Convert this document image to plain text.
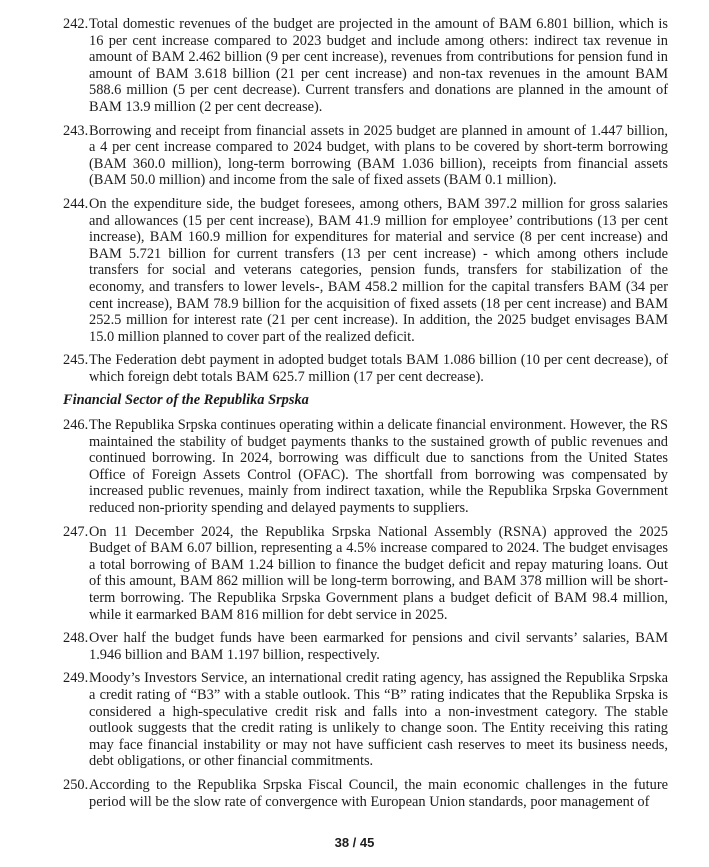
242. Total domestic revenues of the budget are projected in the amount of BAM 6.801 billion, which is 16 per cent increase compared to 2023 budget and include among others: indirect tax revenue in amount of BAM 2.462 billion (9 per cent increase), revenues from contributions for pension fund in amount of BAM 3.618 billion (21 per cent increase) and non-tax revenues in the amount BAM 588.6 million (5 per cent decrease). Current transfers and donations are planned in the amount of BAM 13.9 million (2 per cent decrease).
243. Borrowing and receipt from financial assets in 2025 budget are planned in amount of 1.447 billion, a 4 per cent increase compared to 2024 budget, with plans to be covered by short-term borrowing (BAM 360.0 million), long-term borrowing (BAM 1.036 billion), receipts from financial assets (BAM 50.0 million) and income from the sale of fixed assets (BAM 0.1 million).
244. On the expenditure side, the budget foresees, among others, BAM 397.2 million for gross salaries and allowances (15 per cent increase), BAM 41.9 million for employee’ contributions (13 per cent increase), BAM 160.9 million for expenditures for material and service (8 per cent increase) and BAM 5.721 billion for current transfers (13 per cent increase) - which among others include transfers for social and veterans categories, pension funds, transfers for stabilization of the economy, and transfers to lower levels-, BAM 458.2 million for the capital transfers BAM (34 per cent increase), BAM 78.9 billion for the acquisition of fixed assets (18 per cent increase) and BAM 252.5 million for interest rate (21 per cent increase). In addition, the 2025 budget envisages BAM 15.0 million planned to cover part of the realized deficit.
245. The Federation debt payment in adopted budget totals BAM 1.086 billion (10 per cent decrease), of which foreign debt totals BAM 625.7 million (17 per cent decrease).
Financial Sector of the Republika Srpska
246. The Republika Srpska continues operating within a delicate financial environment. However, the RS maintained the stability of budget payments thanks to the sustained growth of public revenues and continued borrowing. In 2024, borrowing was difficult due to sanctions from the United States Office of Foreign Assets Control (OFAC). The shortfall from borrowing was compensated by increased public revenues, mainly from indirect taxation, while the Republika Srpska Government reduced non-priority spending and delayed payments to suppliers.
247. On 11 December 2024, the Republika Srpska National Assembly (RSNA) approved the 2025 Budget of BAM 6.07 billion, representing a 4.5% increase compared to 2024. The budget envisages a total borrowing of BAM 1.24 billion to finance the budget deficit and repay maturing loans. Out of this amount, BAM 862 million will be long-term borrowing, and BAM 378 million will be short-term borrowing. The Republika Srpska Government plans a budget deficit of BAM 98.4 million, while it earmarked BAM 816 million for debt service in 2025.
248. Over half the budget funds have been earmarked for pensions and civil servants’ salaries, BAM 1.946 billion and BAM 1.197 billion, respectively.
249. Moody’s Investors Service, an international credit rating agency, has assigned the Republika Srpska a credit rating of “B3” with a stable outlook. This “B” rating indicates that the Republika Srpska is considered a high-speculative credit risk and falls into a non-investment category. The stable outlook suggests that the credit rating is unlikely to change soon. The Entity receiving this rating may face financial instability or may not have sufficient cash reserves to meet its business needs, debt obligations, or other financial commitments.
250. According to the Republika Srpska Fiscal Council, the main economic challenges in the future period will be the slow rate of convergence with European Union standards, poor management of
38 / 45
